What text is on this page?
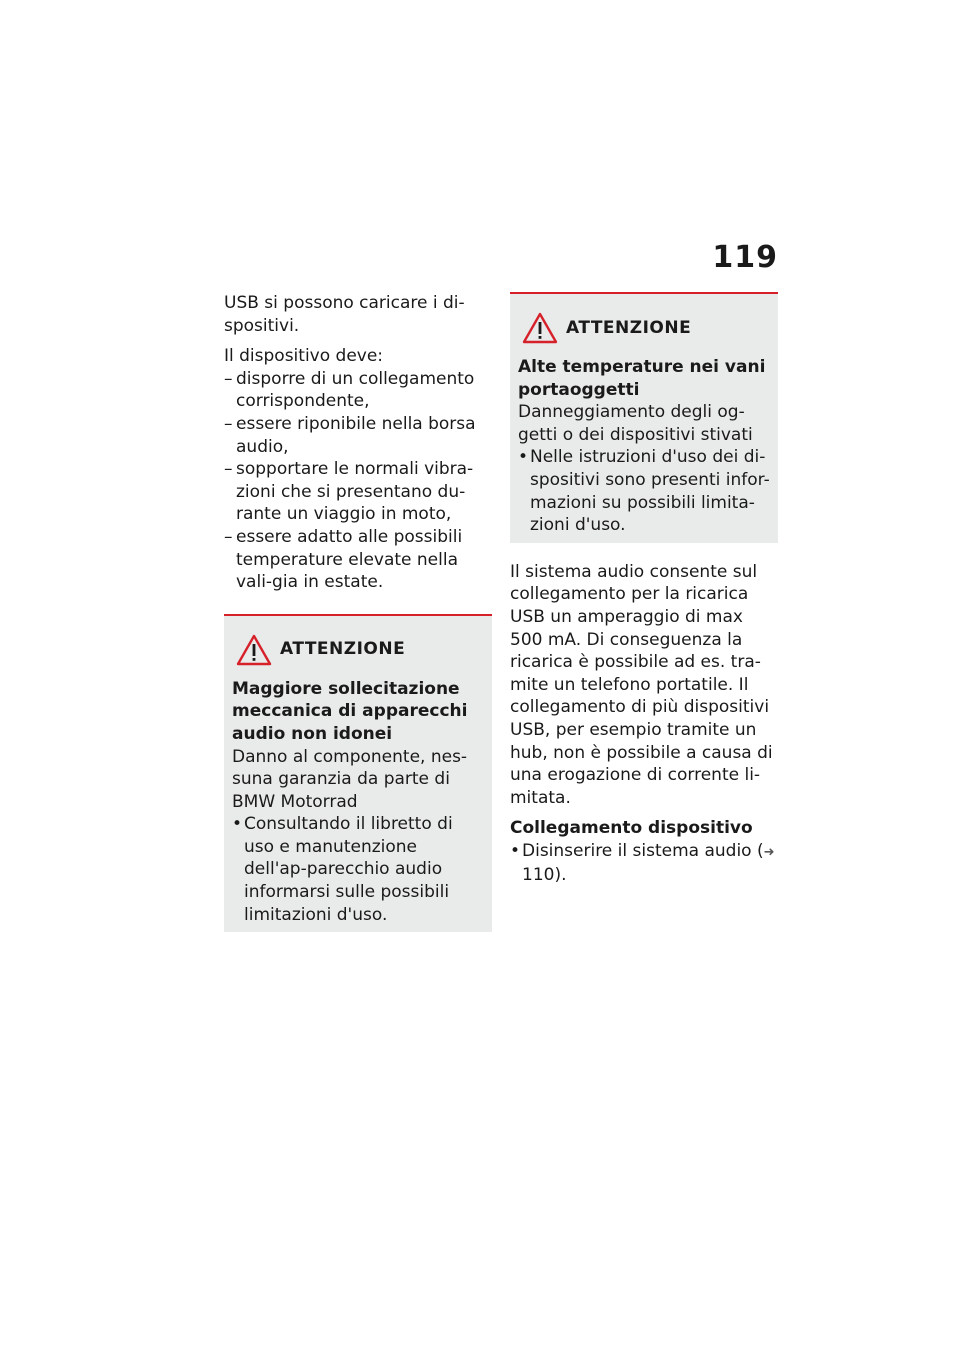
119

USB si possono caricare i di-spositivi.

Il dispositivo deve:

– disporre di un collegamento corrispondente,
– essere riponibile nella borsa audio,
– sopportare le normali vibra-zioni che si presentano du-rante un viaggio in moto,
– essere adatto alle possibili temperature elevate nella vali-gia in estate.
ATTENZIONE

Maggiore sollecitazione meccanica di apparecchi audio non idonei

Danno al componente, nes-suna garanzia da parte di BMW Motorrad

• Consultando il libretto di uso e manutenzione dell'ap-parecchio audio informarsi sulle possibili limitazioni d'uso.
ATTENZIONE

Alte temperature nei vani portaoggetti

Danneggiamento degli og-getti o dei dispositivi stivati

• Nelle istruzioni d'uso dei di-spositivi sono presenti infor-mazioni su possibili limita-zioni d'uso.

Il sistema audio consente sul collegamento per la ricarica USB un amperaggio di max 500 mA. Di conseguenza la ricarica è possibile ad es. tra-mite un telefono portatile. Il collegamento di più dispositivi USB, per esempio tramite un hub, non è possibile a causa di una erogazione di corrente li-mitata.

Collegamento dispositivo

• Disinserire il sistema audio (➜ 110).
